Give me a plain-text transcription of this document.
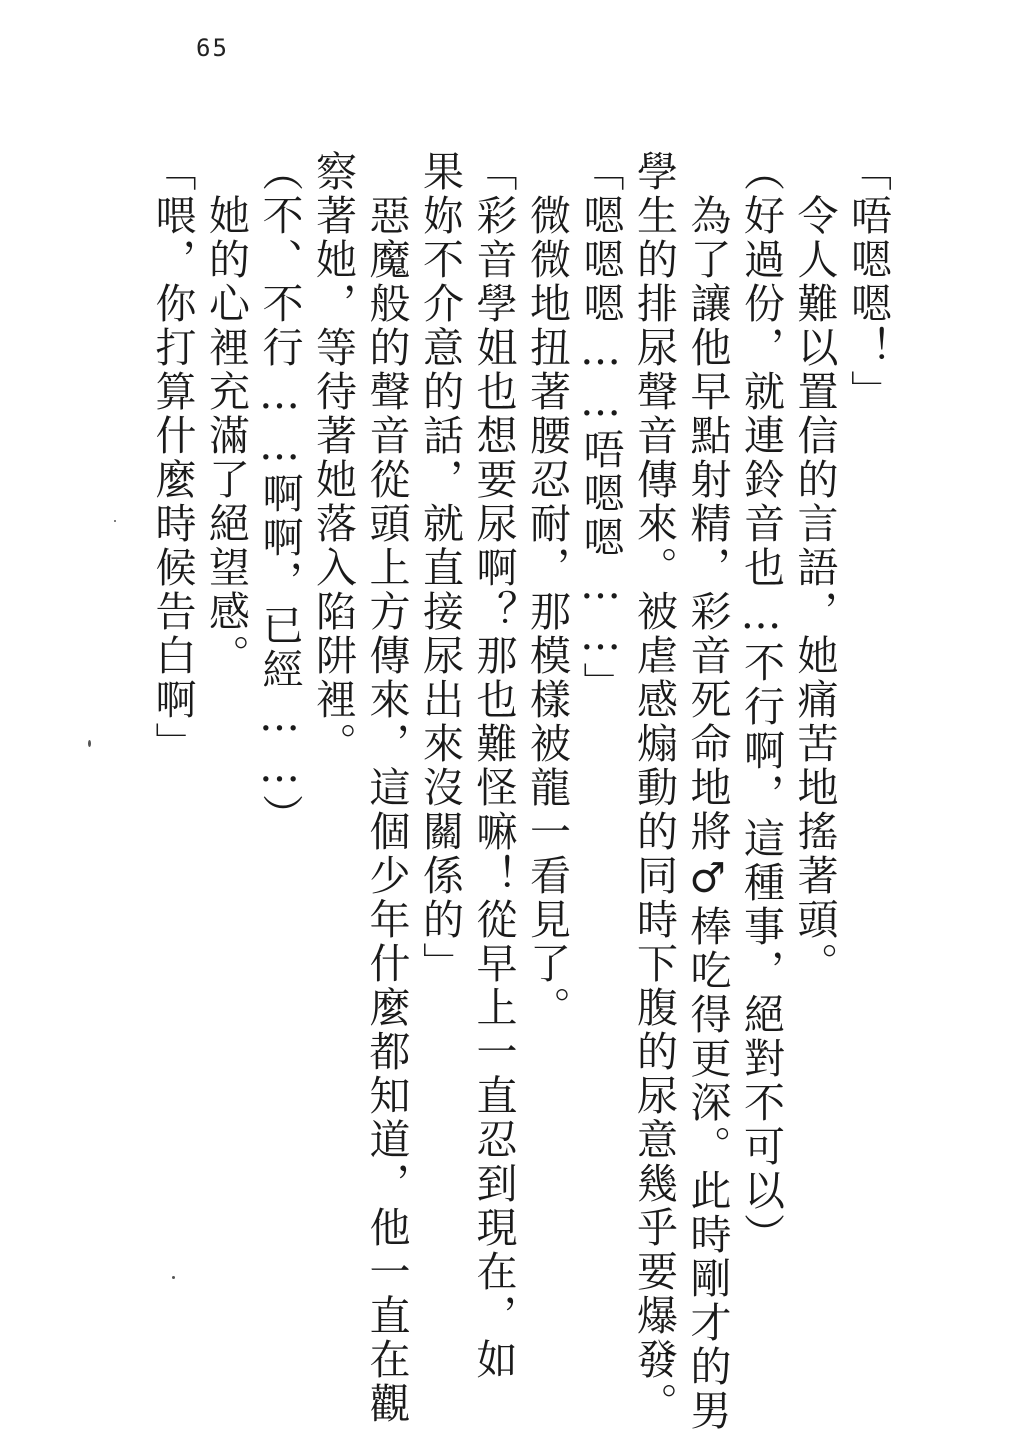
65

「唔嗯嗯！」

令人難以置信的言語，她痛苦地搖著頭。

（好過份，就連鈴音也…不行啊，這種事，絕對不可以）

為了讓他早點射精，彩音死命地將♂棒吃得更深。此時剛才的男

學生的排尿聲音傳來。被虐感煽動的同時下腹的尿意幾乎要爆發。

「嗯嗯嗯……唔嗯嗯……」

微微地扭著腰忍耐，那模樣被龍一看見了。

「彩音學姐也想要尿啊？那也難怪嘛！從早上一直忍到現在，如

果妳不介意的話，就直接尿出來沒關係的」

惡魔般的聲音從頭上方傳來，這個少年什麼都知道，他一直在觀

察著她，等待著她落入陷阱裡。

（不、不行……啊啊，已經……）

她的心裡充滿了絕望感。

「喂，你打算什麼時候告白啊」
